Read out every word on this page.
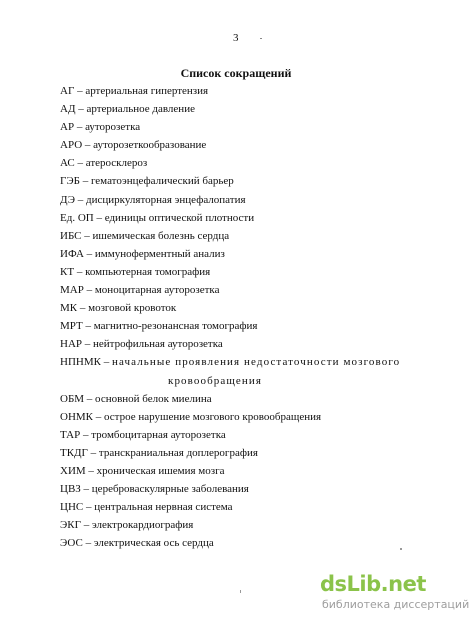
3
Список сокращений
АГ – артериальная гипертензия
АД – артериальное давление
АР – ауторозетка
АРО – ауторозеткообразование
АС – атеросклероз
ГЭБ – гематоэнцефалический барьер
ДЭ – дисциркуляторная энцефалопатия
Ед. ОП – единицы оптической плотности
ИБС – ишемическая болезнь сердца
ИФА – иммуноферментный анализ
КТ – компьютерная томография
МАР – моноцитарная ауторозетка
МК – мозговой кровоток
МРТ – магнитно-резонансная томография
НАР – нейтрофильная ауторозетка
НПНМК – начальные проявления недостаточности мозгового
кровообращения
ОБМ – основной белок миелина
ОНМК – острое нарушение мозгового кровообращения
ТАР – тромбоцитарная ауторозетка
ТКДГ – транскраниальная доплерография
ХИМ – хроническая ишемия мозга
ЦВЗ – цереброваскулярные заболевания
ЦНС – центральная нервная система
ЭКГ – электрокардиография
ЭОС – электрическая ось сердца
dsLib.net
библиотека диссертаций
